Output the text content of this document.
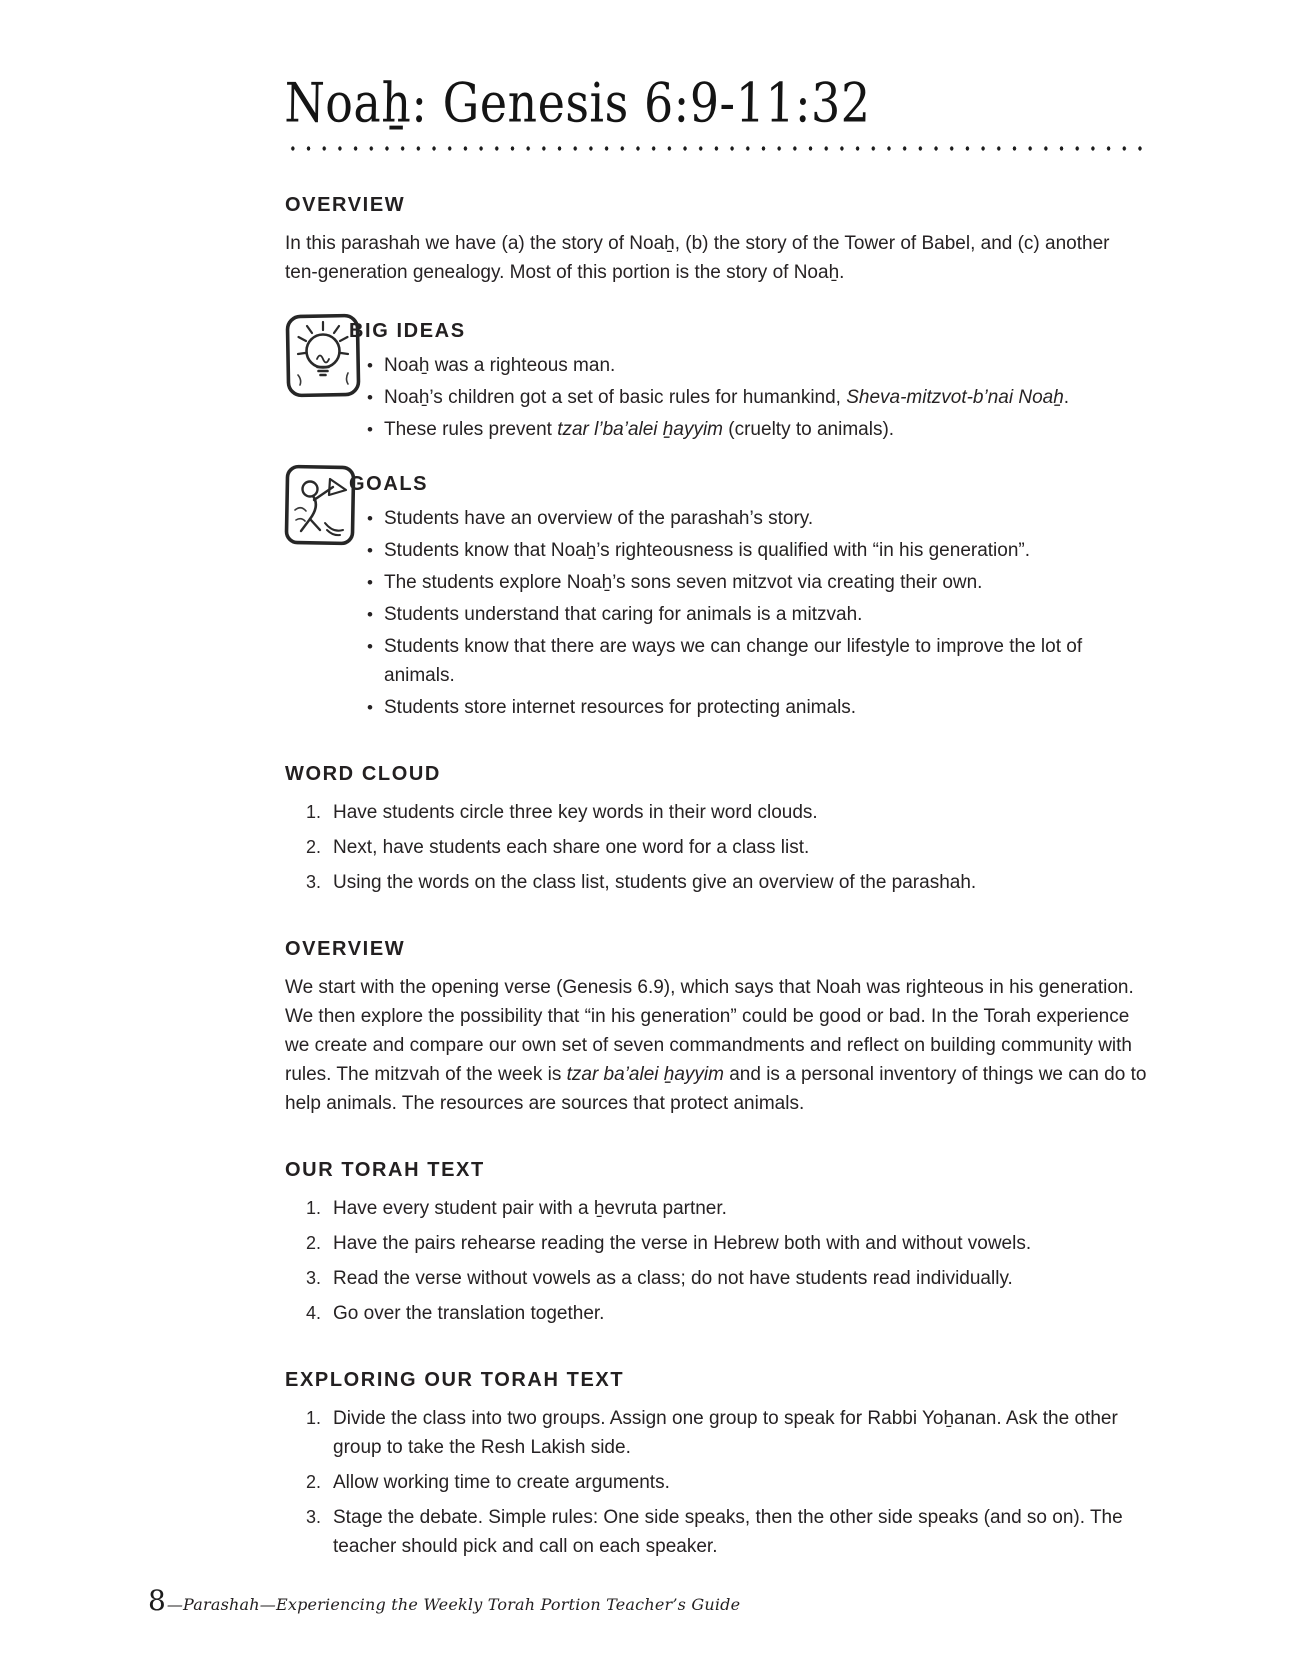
Noaẖ: Genesis 6:9-11:32
OVERVIEW

In this parashah we have (a) the story of Noaẖ, (b) the story of the Tower of Babel, and (c) another ten-generation genealogy. Most of this portion is the story of Noaẖ.

BIG IDEAS
• Noaẖ was a righteous man.
• Noaẖ’s children got a set of basic rules for humankind, Sheva-mitzvot-b’nai Noaẖ.
• These rules prevent tzar l’ba’alei ẖayyim (cruelty to animals).
GOALS
• Students have an overview of the parashah’s story.
• Students know that Noaẖ’s righteousness is qualified with “in his generation”.
• The students explore Noaẖ’s sons seven mitzvot via creating their own.
• Students understand that caring for animals is a mitzvah.
• Students know that there are ways we can change our lifestyle to improve the lot of animals.
• Students store internet resources for protecting animals.
WORD CLOUD
1. Have students circle three key words in their word clouds.
2. Next, have students each share one word for a class list.
3. Using the words on the class list, students give an overview of the parashah.
OVERVIEW

We start with the opening verse (Genesis 6.9), which says that Noah was righteous in his generation. We then explore the possibility that “in his generation” could be good or bad. In the Torah experience we create and compare our own set of seven commandments and reflect on building community with rules. The mitzvah of the week is tzar ba’alei ẖayyim and is a personal inventory of things we can do to help animals. The resources are sources that protect animals.

OUR TORAH TEXT
1. Have every student pair with a ẖevruta partner.
2. Have the pairs rehearse reading the verse in Hebrew both with and without vowels.
3. Read the verse without vowels as a class; do not have students read individually.
4. Go over the translation together.
EXPLORING OUR TORAH TEXT
1. Divide the class into two groups. Assign one group to speak for Rabbi Yoẖanan. Ask the other group to take the Resh Lakish side.
2. Allow working time to create arguments.
3. Stage the debate. Simple rules: One side speaks, then the other side speaks (and so on). The teacher should pick and call on each speaker.
8 —Parashah—Experiencing the Weekly Torah Portion Teacher’s Guide
